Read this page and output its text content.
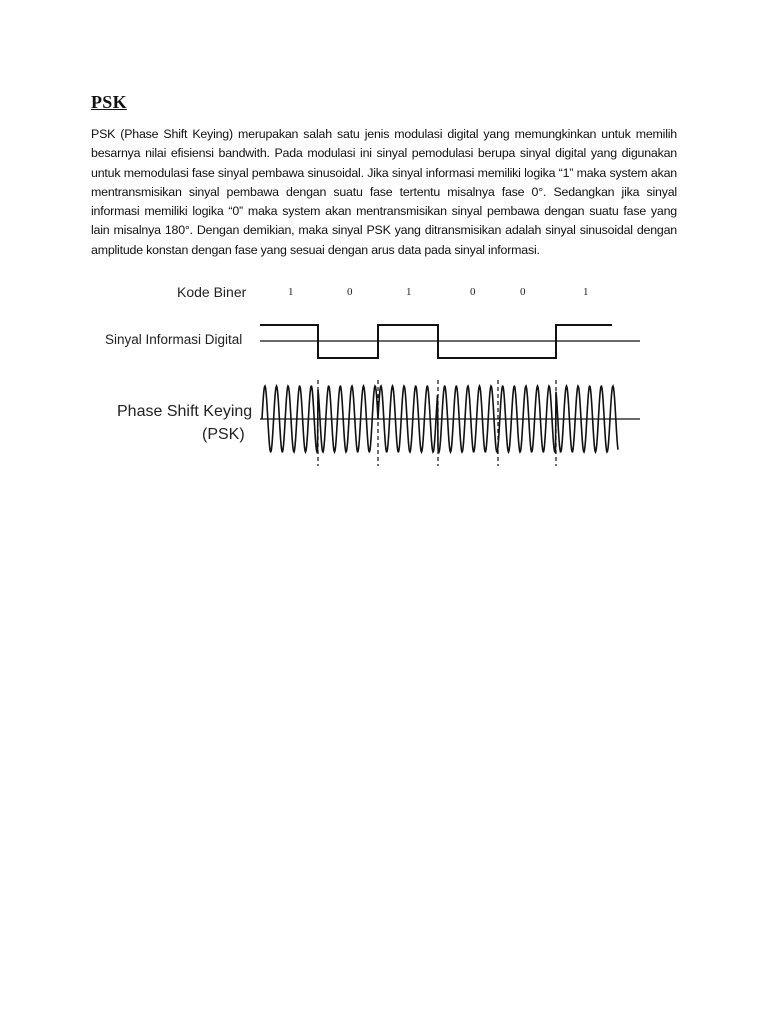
PSK
PSK (Phase Shift Keying) merupakan salah satu jenis modulasi digital yang memungkinkan untuk memilih besarnya nilai efisiensi bandwith. Pada modulasi ini sinyal pemodulasi berupa sinyal digital yang digunakan untuk memodulasi fase sinyal pembawa sinusoidal. Jika sinyal informasi memiliki logika “1” maka system akan mentransmisikan sinyal pembawa dengan suatu fase tertentu misalnya fase 0°. Sedangkan jika sinyal informasi memiliki logika “0” maka system akan mentransmisikan sinyal pembawa dengan suatu fase yang lain misalnya 180°. Dengan demikian, maka sinyal PSK yang ditransmisikan adalah sinyal sinusoidal dengan amplitude konstan dengan fase yang sesuai dengan arus data pada sinyal informasi.
Kode Biner
Sinyal Informasi Digital
Phase Shift Keying
(PSK)
1	0	1	0	0	1
